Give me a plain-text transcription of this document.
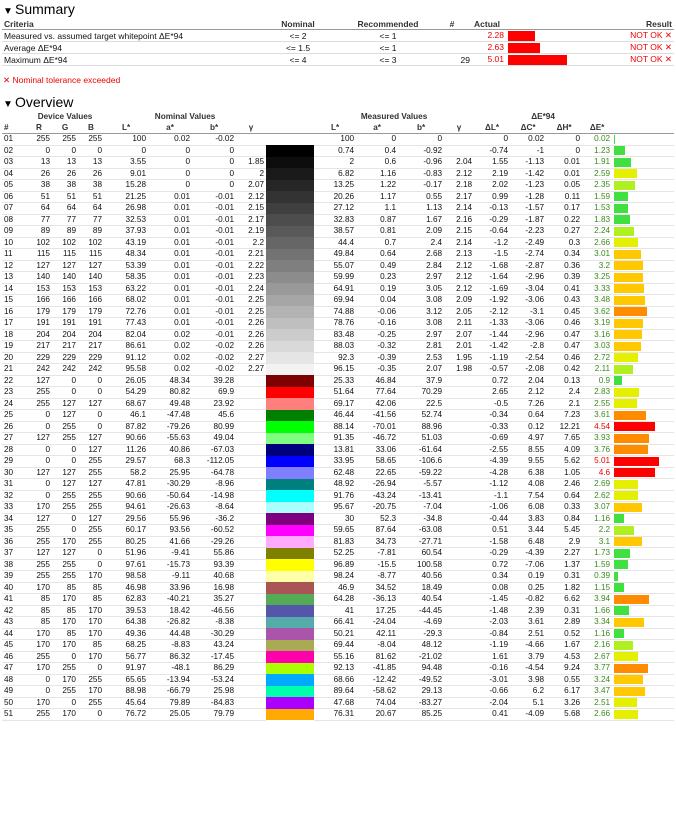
▼ Summary
Criteria	Nominal	Recommended	#	Actual	Result
Measured vs. assumed target whitepoint ΔE*94	<= 2	<= 1		2.28	NOT OK ✕
Average ΔE*94	<= 1.5	<= 1		2.63	NOT OK ✕
Maximum ΔE*94	<= 4	<= 3	29	5.01	NOT OK ✕
✕ Nominal tolerance exceeded
▼ Overview
	Device Values			Nominal Values					Measured Values				ΔE*94				
#	R	G	B	L*	a*	b*	γ		L*	a*	b*	γ	ΔL*	ΔC*	ΔH*	ΔE*	
01	255	255	255	100	0.02	-0.02			100	0	0		0	0.02	0	0.02	

02	0	0	0	0	0	0			0.74	0.4	-0.92		-0.74	-1	0	1.23	

03	13	13	13	3.55	0	0	1.85		2	0.6	-0.96	2.04	1.55	-1.13	0.01	1.91	

04	26	26	26	9.01	0	0	2		6.82	1.16	-0.83	2.12	2.19	-1.42	0.01	2.59	

05	38	38	38	15.28	0	0	2.07		13.25	1.22	-0.17	2.18	2.02	-1.23	0.05	2.35	

06	51	51	51	21.25	0.01	-0.01	2.12		20.26	1.17	0.55	2.17	0.99	-1.28	0.11	1.59	

07	64	64	64	26.98	0.01	-0.01	2.15		27.12	1.1	1.13	2.14	-0.13	-1.57	0.17	1.53	

08	77	77	77	32.53	0.01	-0.01	2.17		32.83	0.87	1.67	2.16	-0.29	-1.87	0.22	1.83	

09	89	89	89	37.93	0.01	-0.01	2.19		38.57	0.81	2.09	2.15	-0.64	-2.23	0.27	2.24	

10	102	102	102	43.19	0.01	-0.01	2.2		44.4	0.7	2.4	2.14	-1.2	-2.49	0.3	2.66	

11	115	115	115	48.34	0.01	-0.01	2.21		49.84	0.64	2.68	2.13	-1.5	-2.74	0.34	3.01	

12	127	127	127	53.39	0.01	-0.01	2.22		55.07	0.49	2.84	2.12	-1.68	-2.87	0.36	3.2	

13	140	140	140	58.35	0.01	-0.01	2.23		59.99	0.23	2.97	2.12	-1.64	-2.96	0.39	3.25	

14	153	153	153	63.22	0.01	-0.01	2.24		64.91	0.19	3.05	2.12	-1.69	-3.04	0.41	3.33	

15	166	166	166	68.02	0.01	-0.01	2.25		69.94	0.04	3.08	2.09	-1.92	-3.06	0.43	3.48	

16	179	179	179	72.76	0.01	-0.01	2.25		74.88	-0.06	3.12	2.05	-2.12	-3.1	0.45	3.62	

17	191	191	191	77.43	0.01	-0.01	2.26		78.76	-0.16	3.08	2.11	-1.33	-3.06	0.46	3.19	

18	204	204	204	82.04	0.02	-0.01	2.26		83.48	-0.25	2.97	2.07	-1.44	-2.96	0.47	3.16	

19	217	217	217	86.61	0.02	-0.02	2.26		88.03	-0.32	2.81	2.01	-1.42	-2.8	0.47	3.03	

20	229	229	229	91.12	0.02	-0.02	2.27		92.3	-0.39	2.53	1.95	-1.19	-2.54	0.46	2.72	

21	242	242	242	95.58	0.02	-0.02	2.27		96.15	-0.35	2.07	1.98	-0.57	-2.08	0.42	2.11	

22	127	0	0	26.05	48.34	39.28			25.33	46.84	37.9		0.72	2.04	0.13	0.9	

23	255	0	0	54.29	80.82	69.9			51.64	77.64	70.29		2.65	2.12	2.4	2.83	

24	255	127	127	68.67	49.48	23.92			69.17	42.06	22.5		-0.5	7.26	2.1	2.55	

25	0	127	0	46.1	-47.48	45.6			46.44	-41.56	52.74		-0.34	0.64	7.23	3.61	

26	0	255	0	87.82	-79.26	80.99			88.14	-70.01	88.96		-0.33	0.12	12.21	4.54	

27	127	255	127	90.66	-55.63	49.04			91.35	-46.72	51.03		-0.69	4.97	7.65	3.93	

28	0	0	127	11.26	40.86	-67.03			13.81	33.06	-61.64		-2.55	8.55	4.09	3.76	

29	0	0	255	29.57	68.3	-112.05			33.95	58.65	-106.6		-4.39	9.55	5.62	5.01	

30	127	127	255	58.2	25.95	-64.78			62.48	22.65	-59.22		-4.28	6.38	1.05	4.6	

31	0	127	127	47.81	-30.29	-8.96			48.92	-26.94	-5.57		-1.12	4.08	2.46	2.69	

32	0	255	255	90.66	-50.64	-14.98			91.76	-43.24	-13.41		-1.1	7.54	0.64	2.62	

33	170	255	255	94.61	-26.63	-8.64			95.67	-20.75	-7.04		-1.06	6.08	0.33	3.07	

34	127	0	127	29.56	55.96	-36.2			30	52.3	-34.8		-0.44	3.83	0.84	1.16	

35	255	0	255	60.17	93.56	-60.52			59.65	87.64	-63.08		0.51	3.44	5.45	2.2	

36	255	170	255	80.25	41.66	-29.26			81.83	34.73	-27.71		-1.58	6.48	2.9	3.1	

37	127	127	0	51.96	-9.41	55.86			52.25	-7.81	60.54		-0.29	-4.39	2.27	1.73	

38	255	255	0	97.61	-15.73	93.39			96.89	-15.5	100.58		0.72	-7.06	1.37	1.59	

39	255	255	170	98.58	-9.11	40.68			98.24	-8.77	40.56		0.34	0.19	0.31	0.39	

40	170	85	85	46.98	33.96	16.98			46.9	34.52	18.49		0.08	0.25	1.82	1.15	

41	85	170	85	62.83	-40.21	35.27			64.28	-36.13	40.54		-1.45	-0.82	6.62	3.94	

42	85	85	170	39.53	18.42	-46.56			41	17.25	-44.45		-1.48	2.39	0.31	1.66	

43	85	170	170	64.38	-26.82	-8.38			66.41	-24.04	-4.69		-2.03	3.61	2.89	3.34	

44	170	85	170	49.36	44.48	-30.29			50.21	42.11	-29.3		-0.84	2.51	0.52	1.16	

45	170	170	85	68.25	-8.83	43.24			69.44	-8.04	48.12		-1.19	-4.66	1.67	2.16	

46	255	0	170	56.77	86.32	-17.45			55.16	81.62	-21.02		1.61	3.79	4.53	2.67	

47	170	255	0	91.97	-48.1	86.29			92.13	-41.85	94.48		-0.16	-4.54	9.24	3.77	

48	0	170	255	65.65	-13.94	-53.24			68.66	-12.42	-49.52		-3.01	3.98	0.55	3.24	

49	0	255	170	88.98	-66.79	25.98			89.64	-58.62	29.13		-0.66	6.2	6.17	3.47	

50	170	0	255	45.64	79.89	-84.83			47.68	74.04	-83.27		-2.04	5.1	3.26	2.51	

51	255	170	0	76.72	25.05	79.79			76.31	20.67	85.25		0.41	-4.09	5.68	2.66	
